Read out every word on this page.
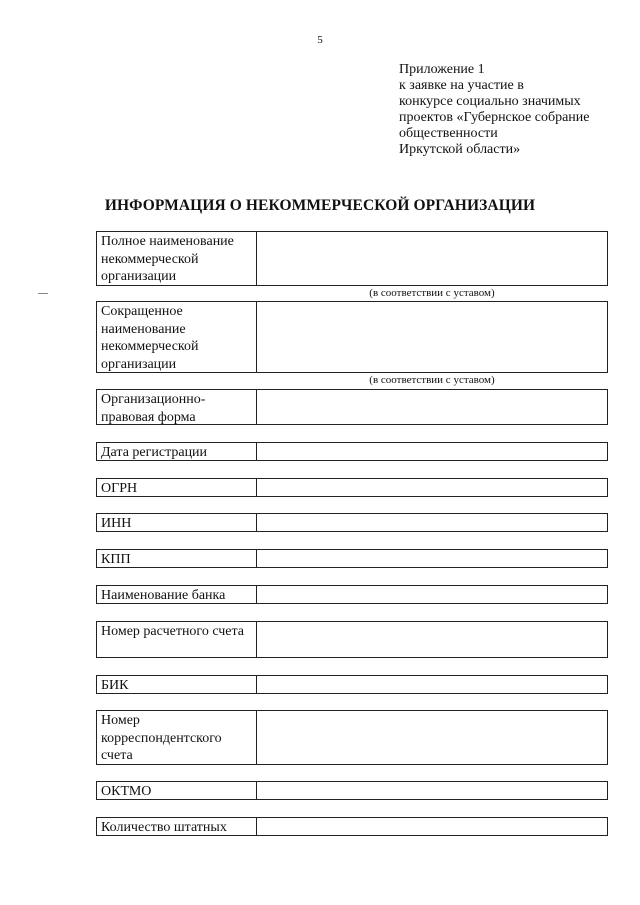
5
Приложение 1
к заявке на участие в
конкурсе социально значимых
проектов «Губернское собрание
общественности
Иркутской области»
ИНФОРМАЦИЯ О НЕКОММЕРЧЕСКОЙ ОРГАНИЗАЦИИ
Полное наименование некоммерческой организации
(в соответствии с уставом)
Сокращенное наименование некоммерческой организации
(в соответствии с уставом)
Организационно-правовая форма
Дата регистрации
ОГРН
ИНН
КПП
Наименование банка
Номер расчетного счета
БИК
Номер корреспондентского счета
ОКТМО
Количество штатных
